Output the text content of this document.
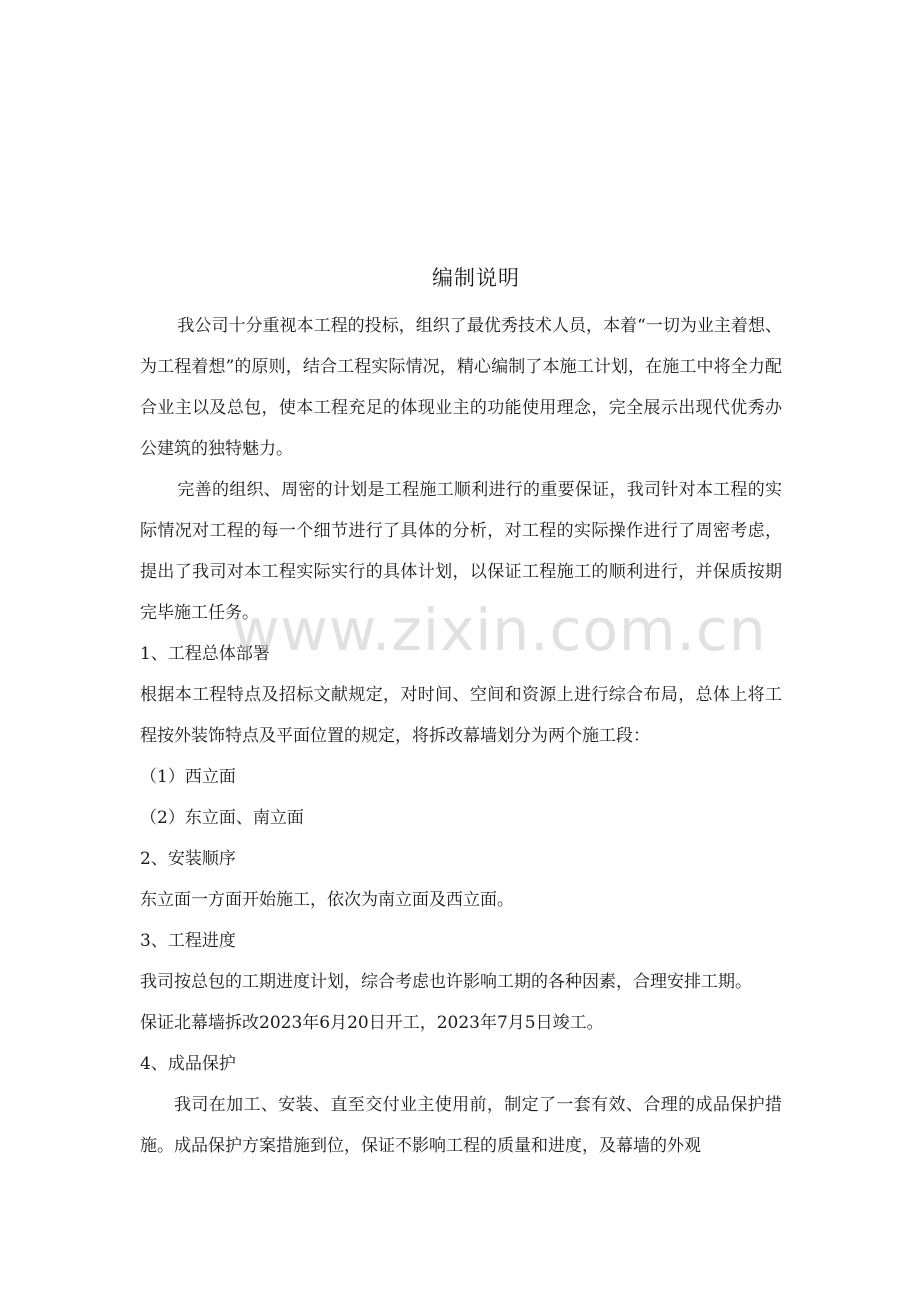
编制说明

我公司十分重视本工程的投标，组织了最优秀技术人员，本着“一切为业主着想、为工程着想”的原则，结合工程实际情况，精心编制了本施工计划，在施工中将全力配合业主以及总包，使本工程充足的体现业主的功能使用理念，完全展示出现代优秀办公建筑的独特魅力。

完善的组织、周密的计划是工程施工顺利进行的重要保证，我司针对本工程的实际情况对工程的每一个细节进行了具体的分析，对工程的实际操作进行了周密考虑，提出了我司对本工程实际实行的具体计划，以保证工程施工的顺利进行，并保质按期完毕施工任务。

1、工程总体部署

根据本工程特点及招标文献规定，对时间、空间和资源上进行综合布局，总体上将工程按外装饰特点及平面位置的规定，将拆改幕墙划分为两个施工段：

（1）西立面

（2）东立面、南立面

2、安装顺序

东立面一方面开始施工，依次为南立面及西立面。

3、工程进度

我司按总包的工期进度计划，综合考虑也许影响工期的各种因素，合理安排工期。

保证北幕墙拆改2023年6月20日开工，2023年7月5日竣工。

4、成品保护

我司在加工、安装、直至交付业主使用前，制定了一套有效、合理的成品保护措施。成品保护方案措施到位，保证不影响工程的质量和进度，及幕墙的外观

www.zixin.com.cn
